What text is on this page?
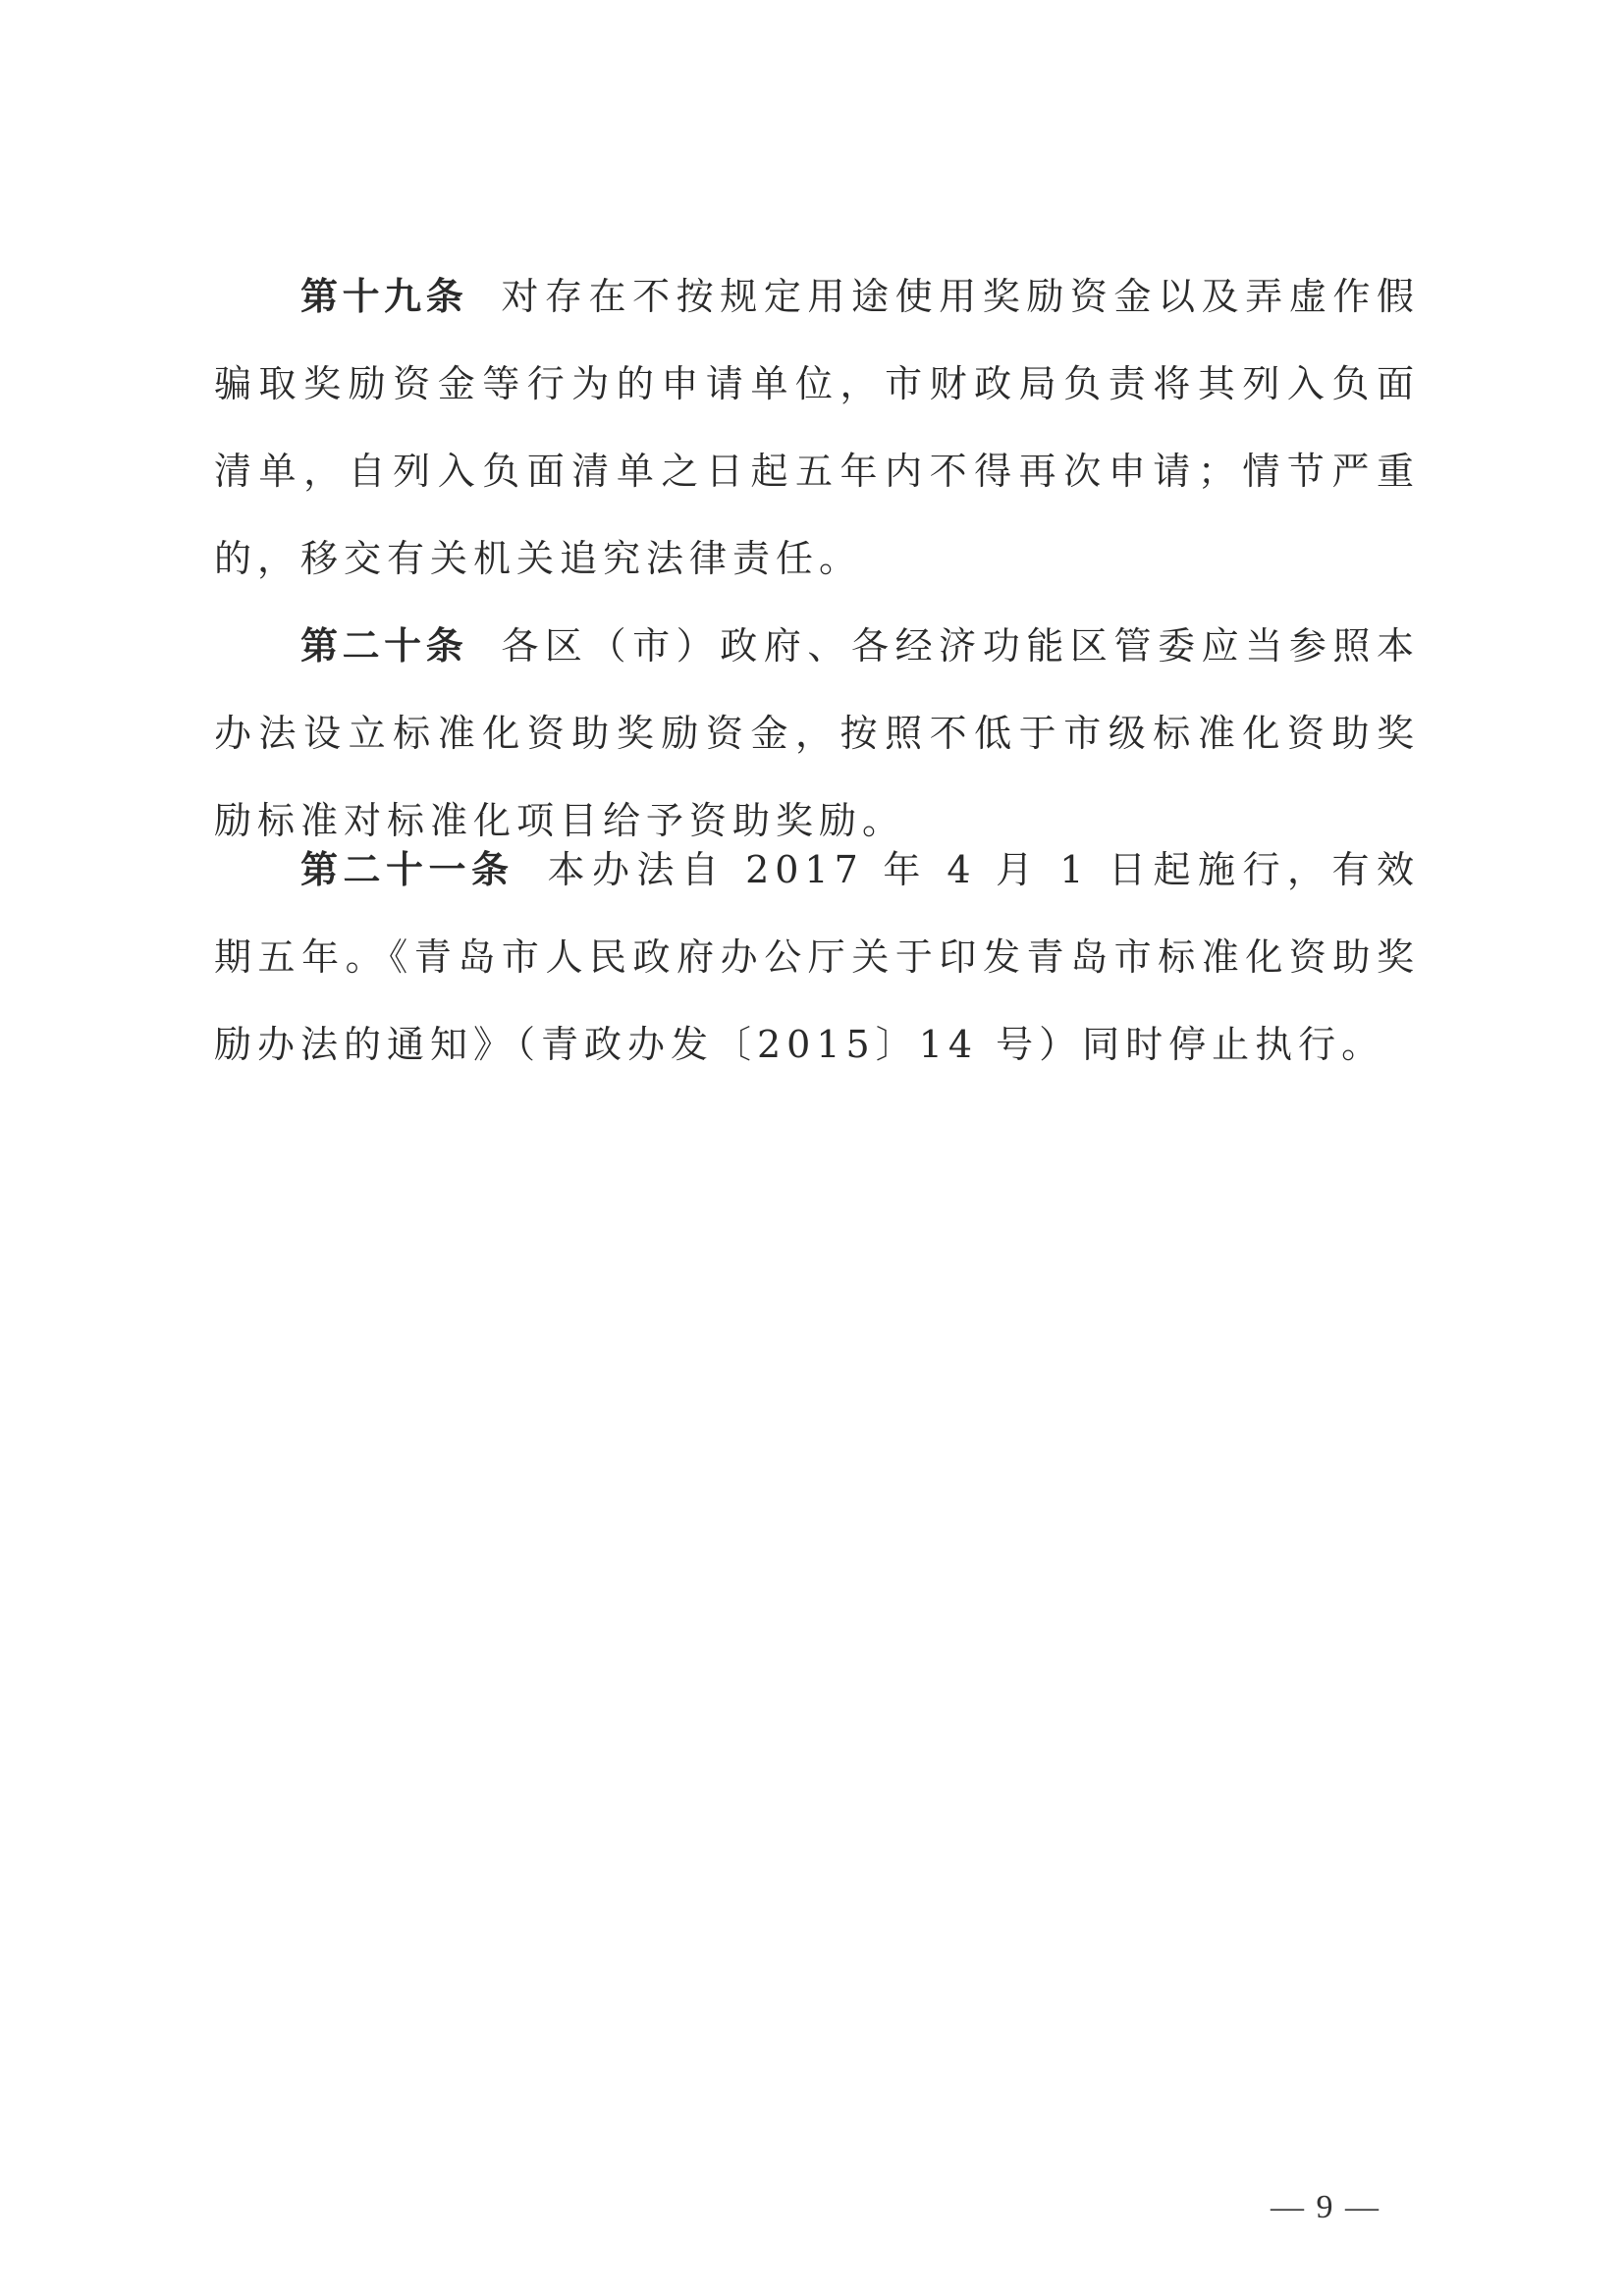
第十九条 对存在不按规定用途使用奖励资金以及弄虚作假骗取奖励资金等行为的申请单位，市财政局负责将其列入负面清单，自列入负面清单之日起五年内不得再次申请；情节严重的，移交有关机关追究法律责任。

第二十条 各区（市）政府、各经济功能区管委应当参照本办法设立标准化资助奖励资金，按照不低于市级标准化资助奖励标准对标准化项目给予资助奖励。

第二十一条 本办法自 2017 年 4 月 1 日起施行，有效期五年。《青岛市人民政府办公厅关于印发青岛市标准化资助奖励办法的通知》（青政办发〔2015〕14 号）同时停止执行。

— 9 —
